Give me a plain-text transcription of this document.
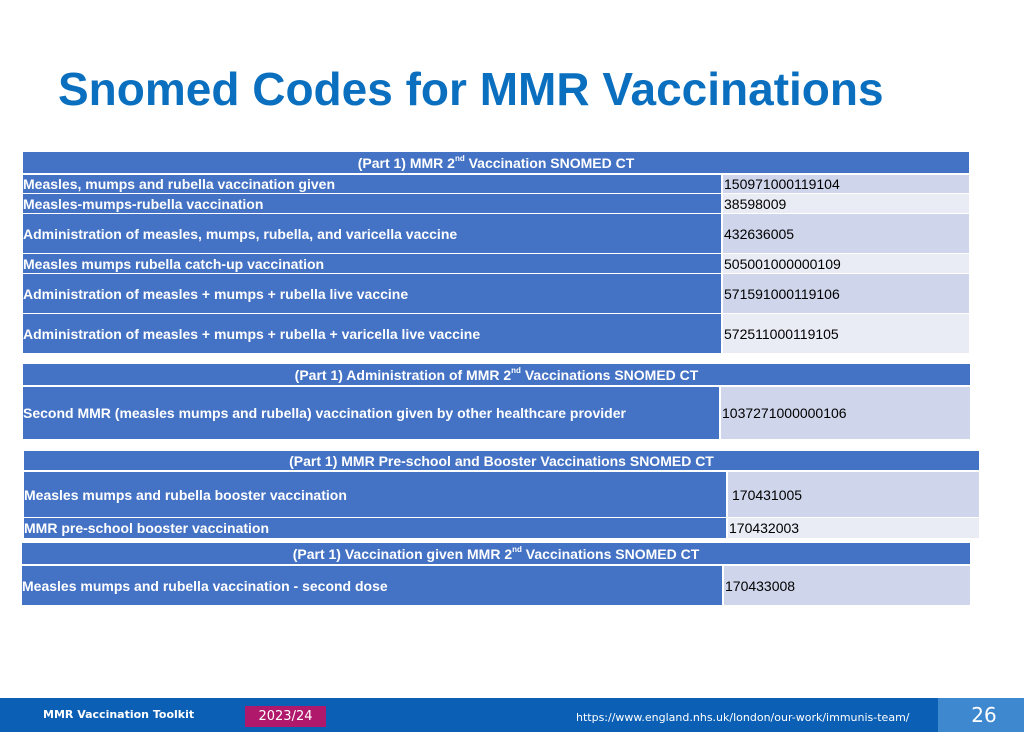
Snomed Codes for MMR Vaccinations
(Part 1) MMR 2nd Vaccination SNOMED CT	
Measles, mumps and rubella vaccination given	150971000119104
Measles-mumps-rubella vaccination	38598009
Administration of measles, mumps, rubella, and varicella vaccine	432636005
Measles mumps rubella catch-up vaccination	505001000000109
Administration of measles + mumps + rubella live vaccine	571591000119106
Administration of measles + mumps + rubella + varicella live vaccine	572511000119105
(Part 1) Administration of MMR 2nd Vaccinations SNOMED CT
Second MMR (measles mumps and rubella) vaccination given by other healthcare provider	1037271000000106
(Part 1) MMR Pre-school and Booster Vaccinations SNOMED CT	
Measles mumps and rubella booster vaccination	170431005
MMR pre-school booster vaccination	170432003
(Part 1) Vaccination given MMR 2nd Vaccinations SNOMED CT
Measles mumps and rubella vaccination - second dose	170433008
MMR Vaccination Toolkit	2023/24	https://www.england.nhs.uk/london/our-work/immunis-team/	26
